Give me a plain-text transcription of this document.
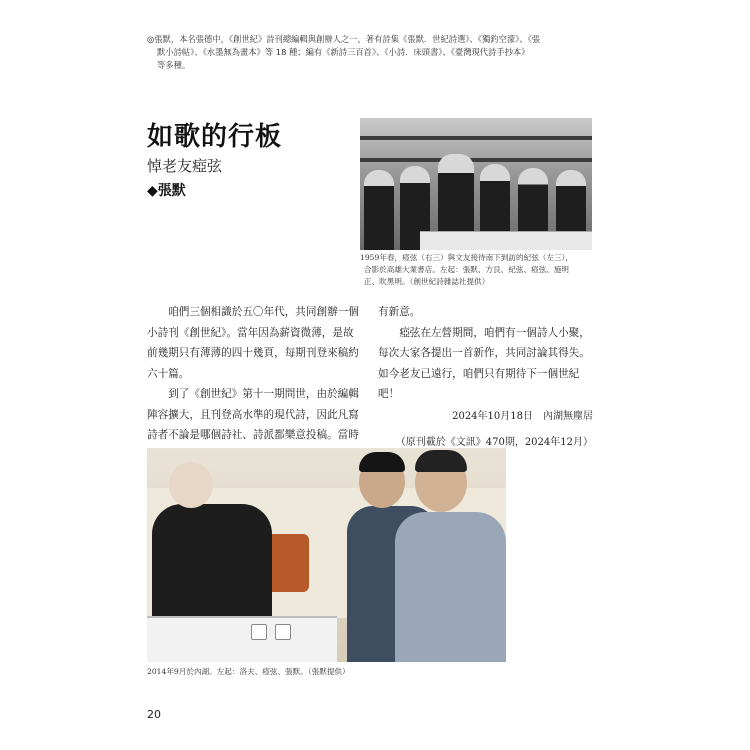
◎張默，本名張德中，《創世紀》詩刊總編輯與創辦人之一，著有詩集《張默．世紀詩選》、《獨釣空濛》、《張
默小詩帖》、《水墨無為畫本》等 18 種；編有《新詩三百首》、《小詩．床頭書》、《臺灣現代詩手抄本》
等多種。
如歌的行板
悼老友瘂弦
◆張默
1959年春，瘂弦（右三）與文友接待南下到訪的紀弦（左三），
合影於高雄大業書店。左起：張默、方艮、紀弦、瘂弦、施明
正、吹黑明。（創世紀詩雜誌社提供）

咱們三個相識於五〇年代，共同創辦一個小詩刊《創世紀》。當年因為薪資微薄，是故前幾期只有薄薄的四十幾頁，每期刊登來稿約六十篇。

到了《創世紀》第十一期問世，由於編輯陣容擴大，且刊登高水準的現代詩，因此凡寫詩者不論是哪個詩社、詩派都樂意投稿。當時

有新意。

瘂弦在左營期間，咱們有一個詩人小聚，每次大家各提出一首新作，共同討論其得失。如今老友已遠行，咱們只有期待下一個世紀吧！

2024年10月18日　內湖無塵居
（原刊載於《文訊》470期，2024年12月）
2014年9月於內湖。左起：洛夫、瘂弦、張默。（張默提供）
20
